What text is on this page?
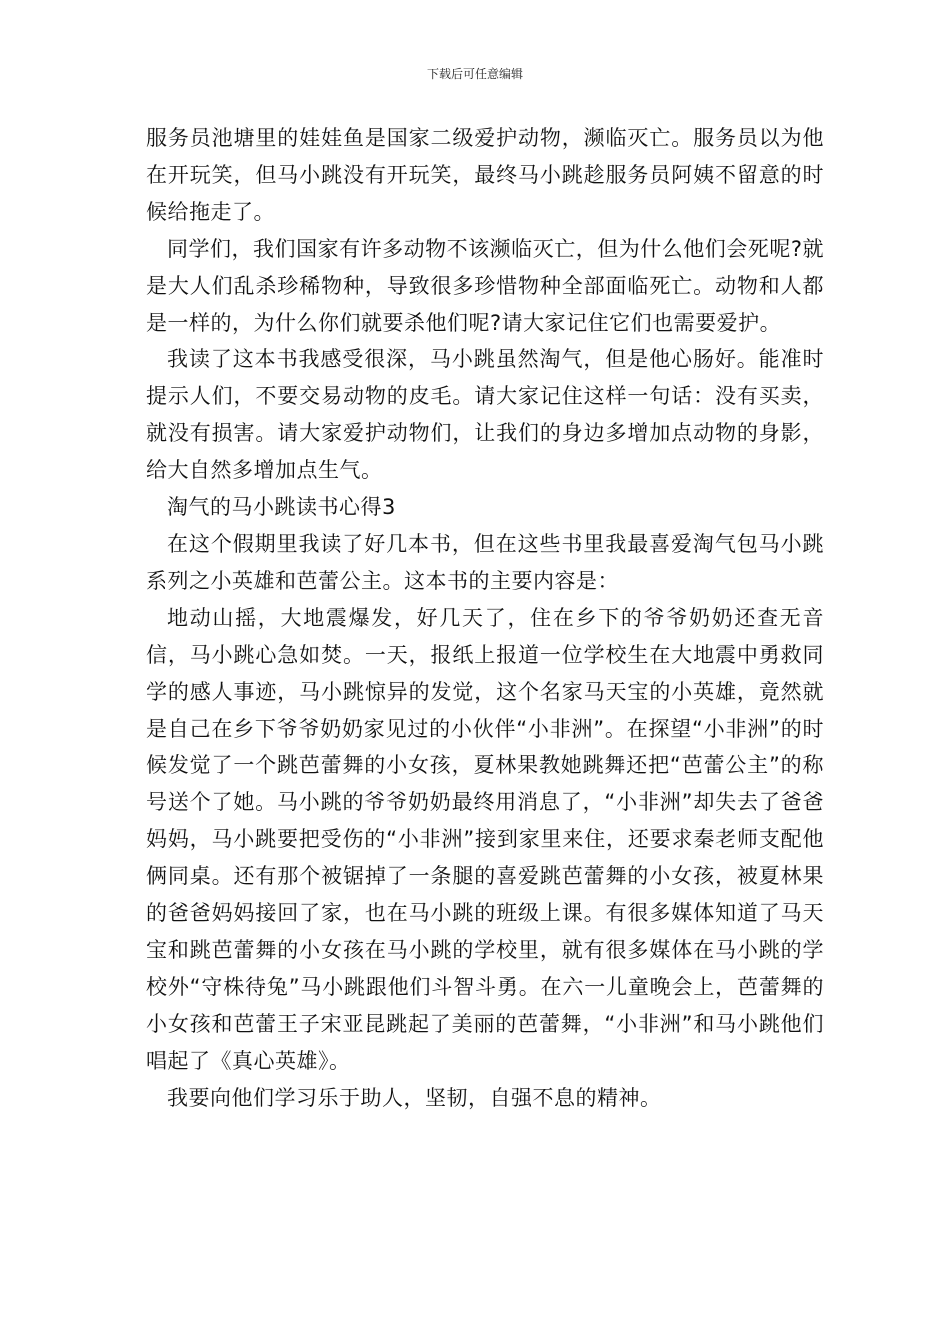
下载后可任意编辑

服务员池塘里的娃娃鱼是国家二级爱护动物，濒临灭亡。服务员以为他在开玩笑，但马小跳没有开玩笑，最终马小跳趁服务员阿姨不留意的时候给拖走了。

同学们，我们国家有许多动物不该濒临灭亡，但为什么他们会死呢?就是大人们乱杀珍稀物种，导致很多珍惜物种全部面临死亡。动物和人都是一样的，为什么你们就要杀他们呢?请大家记住它们也需要爱护。

我读了这本书我感受很深，马小跳虽然淘气，但是他心肠好。能准时提示人们，不要交易动物的皮毛。请大家记住这样一句话：没有买卖，就没有损害。请大家爱护动物们，让我们的身边多增加点动物的身影，给大自然多增加点生气。

淘气的马小跳读书心得3

在这个假期里我读了好几本书，但在这些书里我最喜爱淘气包马小跳系列之小英雄和芭蕾公主。这本书的主要内容是：

地动山摇，大地震爆发，好几天了，住在乡下的爷爷奶奶还查无音信，马小跳心急如焚。一天，报纸上报道一位学校生在大地震中勇救同学的感人事迹，马小跳惊异的发觉，这个名家马天宝的小英雄，竟然就是自己在乡下爷爷奶奶家见过的小伙伴“小非洲”。在探望“小非洲”的时候发觉了一个跳芭蕾舞的小女孩，夏林果教她跳舞还把“芭蕾公主”的称号送个了她。马小跳的爷爷奶奶最终用消息了，“小非洲”却失去了爸爸妈妈，马小跳要把受伤的“小非洲”接到家里来住，还要求秦老师支配他俩同桌。还有那个被锯掉了一条腿的喜爱跳芭蕾舞的小女孩，被夏林果的爸爸妈妈接回了家，也在马小跳的班级上课。有很多媒体知道了马天宝和跳芭蕾舞的小女孩在马小跳的学校里，就有很多媒体在马小跳的学校外“守株待兔”马小跳跟他们斗智斗勇。在六一儿童晚会上，芭蕾舞的小女孩和芭蕾王子宋亚昆跳起了美丽的芭蕾舞，“小非洲”和马小跳他们唱起了《真心英雄》。

我要向他们学习乐于助人，坚韧，自强不息的精神。
